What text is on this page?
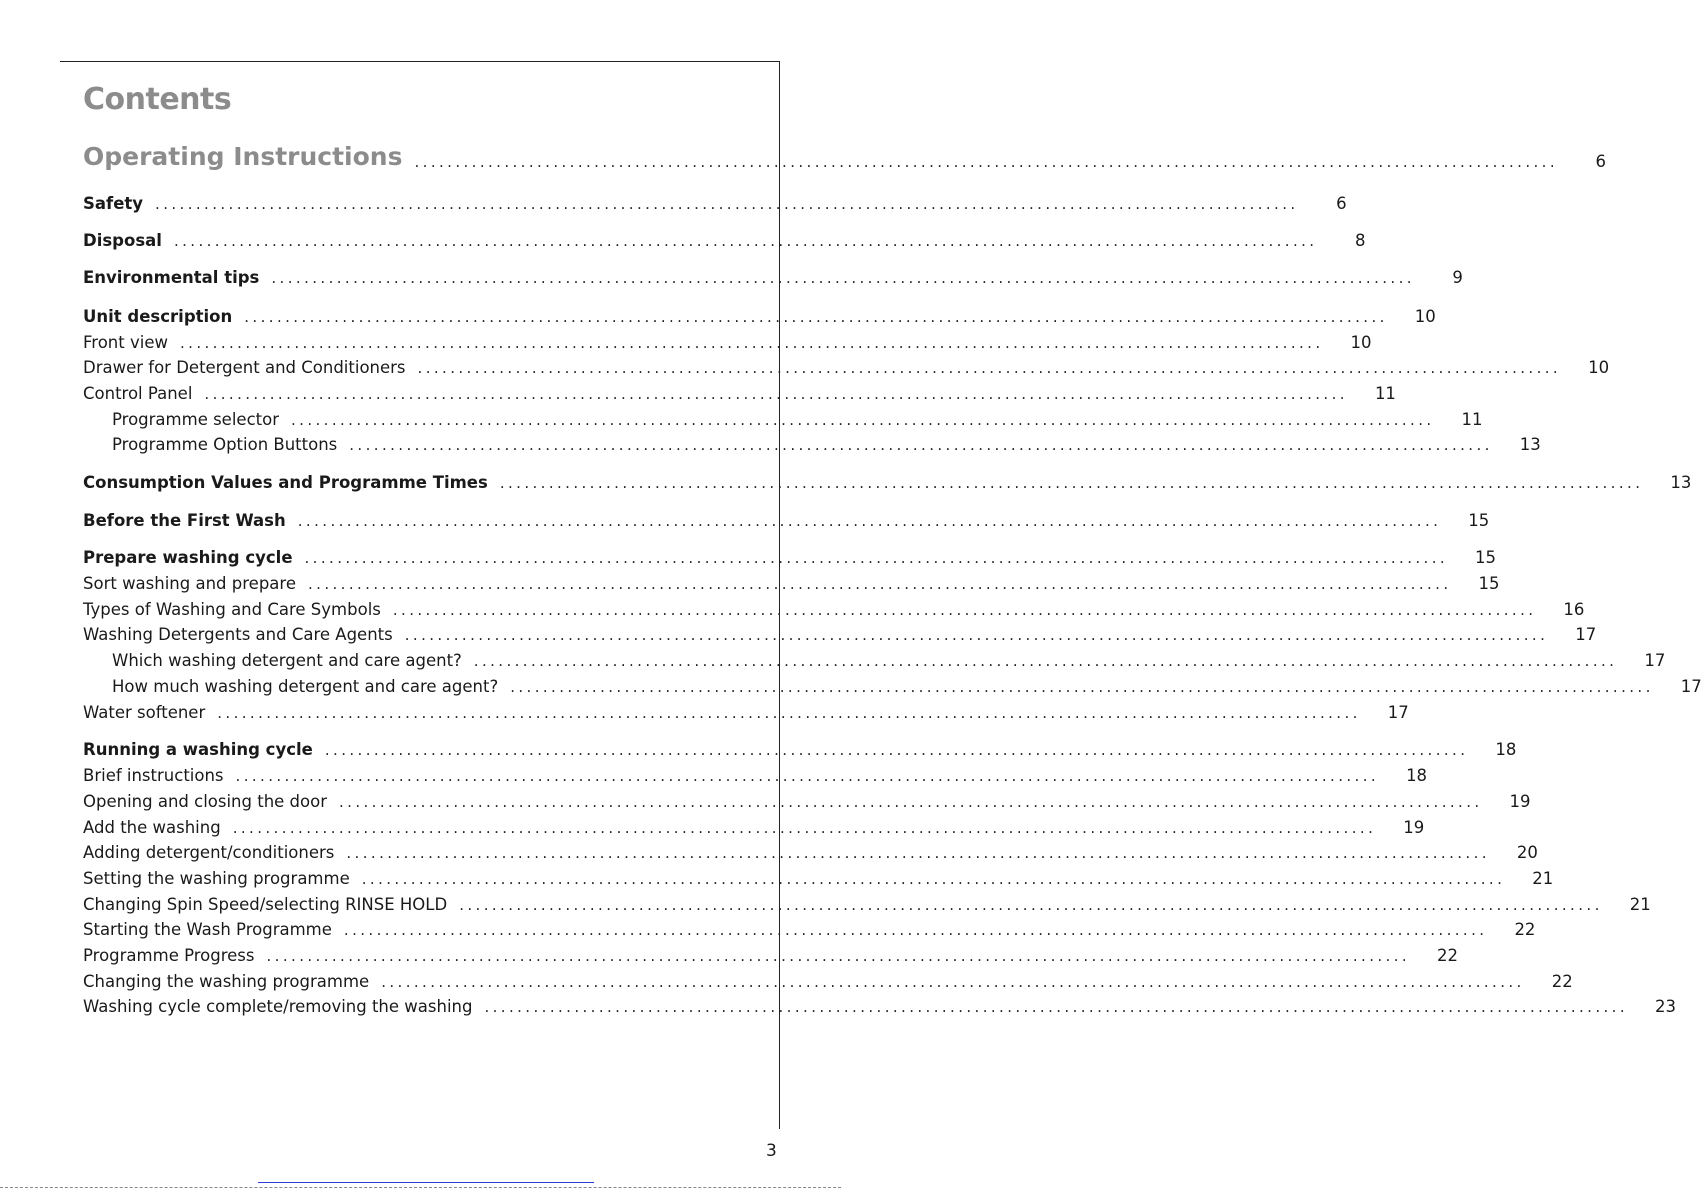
Contents
Operating Instructions ............................................................................................................................................	6
Safety ............................................................................................................................................	6
Disposal ............................................................................................................................................	8
Environmental tips ............................................................................................................................................	9
Unit description ............................................................................................................................................	10
Front view ............................................................................................................................................	10
Drawer for Detergent and Conditioners ............................................................................................................................................	10
Control Panel ............................................................................................................................................	11
Programme selector ............................................................................................................................................	11
Programme Option Buttons ............................................................................................................................................	13
Consumption Values and Programme Times ............................................................................................................................................	13
Before the First Wash ............................................................................................................................................	15
Prepare washing cycle ............................................................................................................................................	15
Sort washing and prepare ............................................................................................................................................	15
Types of Washing and Care Symbols ............................................................................................................................................	16
Washing Detergents and Care Agents ............................................................................................................................................	17
Which washing detergent and care agent? ............................................................................................................................................	17
How much washing detergent and care agent? ............................................................................................................................................	17
Water softener ............................................................................................................................................	17
Running a washing cycle ............................................................................................................................................	18
Brief instructions ............................................................................................................................................	18
Opening and closing the door ............................................................................................................................................	19
Add the washing ............................................................................................................................................	19
Adding detergent/conditioners ............................................................................................................................................	20
Setting the washing programme ............................................................................................................................................	21
Changing Spin Speed/selecting RINSE HOLD ............................................................................................................................................	21
Starting the Wash Programme ............................................................................................................................................	22
Programme Progress ............................................................................................................................................	22
Changing the washing programme ............................................................................................................................................	22
Washing cycle complete/removing the washing ............................................................................................................................................	23
3
